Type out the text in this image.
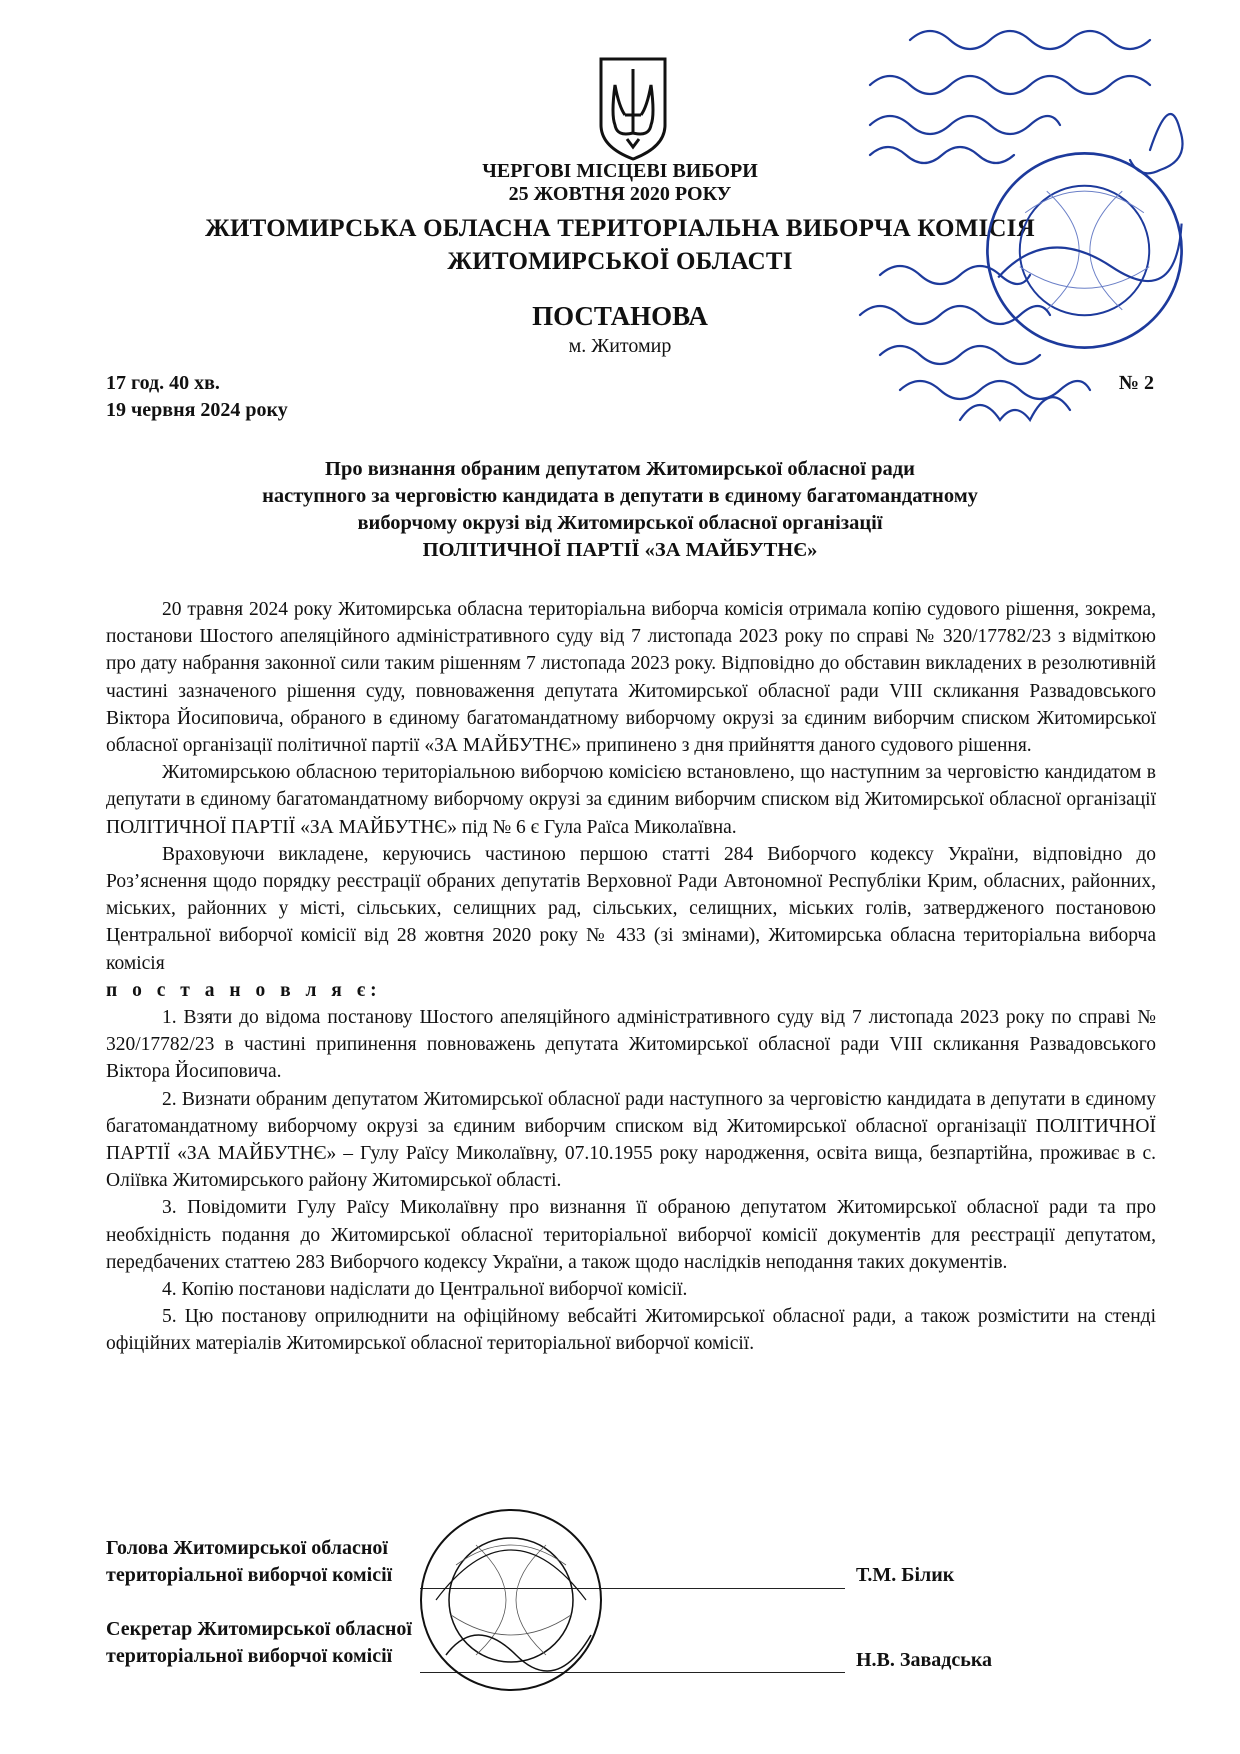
ЧЕРГОВІ МІСЦЕВІ ВИБОРИ
25 ЖОВТНЯ 2020 РОКУ
ЖИТОМИРСЬКА ОБЛАСНА ТЕРИТОРІАЛЬНА ВИБОРЧА КОМІСІЯ
ЖИТОМИРСЬКОЇ ОБЛАСТІ
ПОСТАНОВА
м. Житомир
17 год. 40 хв.
19 червня 2024 року
№ 2
Про визнання обраним депутатом Житомирської обласної ради
наступного за черговістю кандидата в депутати в єдиному багатомандатному
виборчому окрузі від Житомирської обласної організації
ПОЛІТИЧНОЇ ПАРТІЇ «ЗА МАЙБУТНЄ»

20 травня 2024 року Житомирська обласна територіальна виборча комісія отримала копію судового рішення, зокрема, постанови Шостого апеляційного адміністративного суду від 7 листопада 2023 року по справі № 320/17782/23 з відміткою про дату набрання законної сили таким рішенням 7 листопада 2023 року. Відповідно до обставин викладених в резолютивній частині зазначеного рішення суду, повноваження депутата Житомирської обласної ради VIII скликання Развадовського Віктора Йосиповича, обраного в єдиному багатомандатному виборчому окрузі за єдиним виборчим списком Житомирської обласної організації політичної партії «ЗА МАЙБУТНЄ» припинено з дня прийняття даного судового рішення.

Житомирською обласною територіальною виборчою комісією встановлено, що наступним за черговістю кандидатом в депутати в єдиному багатомандатному виборчому окрузі за єдиним виборчим списком від Житомирської обласної організації ПОЛІТИЧНОЇ ПАРТІЇ «ЗА МАЙБУТНЄ» під № 6 є Гула Раїса Миколаївна.

Враховуючи викладене, керуючись частиною першою статті 284 Виборчого кодексу України, відповідно до Роз’яснення щодо порядку реєстрації обраних депутатів Верховної Ради Автономної Республіки Крим, обласних, районних, міських, районних у місті, сільських, селищних рад, сільських, селищних, міських голів, затвердженого постановою Центральної виборчої комісії від 28 жовтня 2020 року № 433 (зі змінами), Житомирська обласна територіальна виборча комісія

п о с т а н о в л я є:

1. Взяти до відома постанову Шостого апеляційного адміністративного суду від 7 листопада 2023 року по справі № 320/17782/23 в частині припинення повноважень депутата Житомирської обласної ради VIII скликання Развадовського Віктора Йосиповича.
2. Визнати обраним депутатом Житомирської обласної ради наступного за черговістю кандидата в депутати в єдиному багатомандатному виборчому окрузі за єдиним виборчим списком від Житомирської обласної організації ПОЛІТИЧНОЇ ПАРТІЇ «ЗА МАЙБУТНЄ» – Гулу Раїсу Миколаївну, 07.10.1955 року народження, освіта вища, безпартійна, проживає в с. Оліївка Житомирського району Житомирської області.
3. Повідомити Гулу Раїсу Миколаївну про визнання її обраною депутатом Житомирської обласної ради та про необхідність подання до Житомирської обласної територіальної виборчої комісії документів для реєстрації депутатом, передбачених статтею 283 Виборчого кодексу України, а також щодо наслідків неподання таких документів.
4. Копію постанови надіслати до Центральної виборчої комісії.
5. Цю постанову оприлюднити на офіційному вебсайті Житомирської обласної ради, а також розмістити на стенді офіційних матеріалів Житомирської обласної територіальної виборчої комісії.
Голова Житомирської обласної
територіальної виборчої комісії	Т.М. Білик
Секретар Житомирської обласної
територіальної виборчої комісії	Н.В. Завадська
